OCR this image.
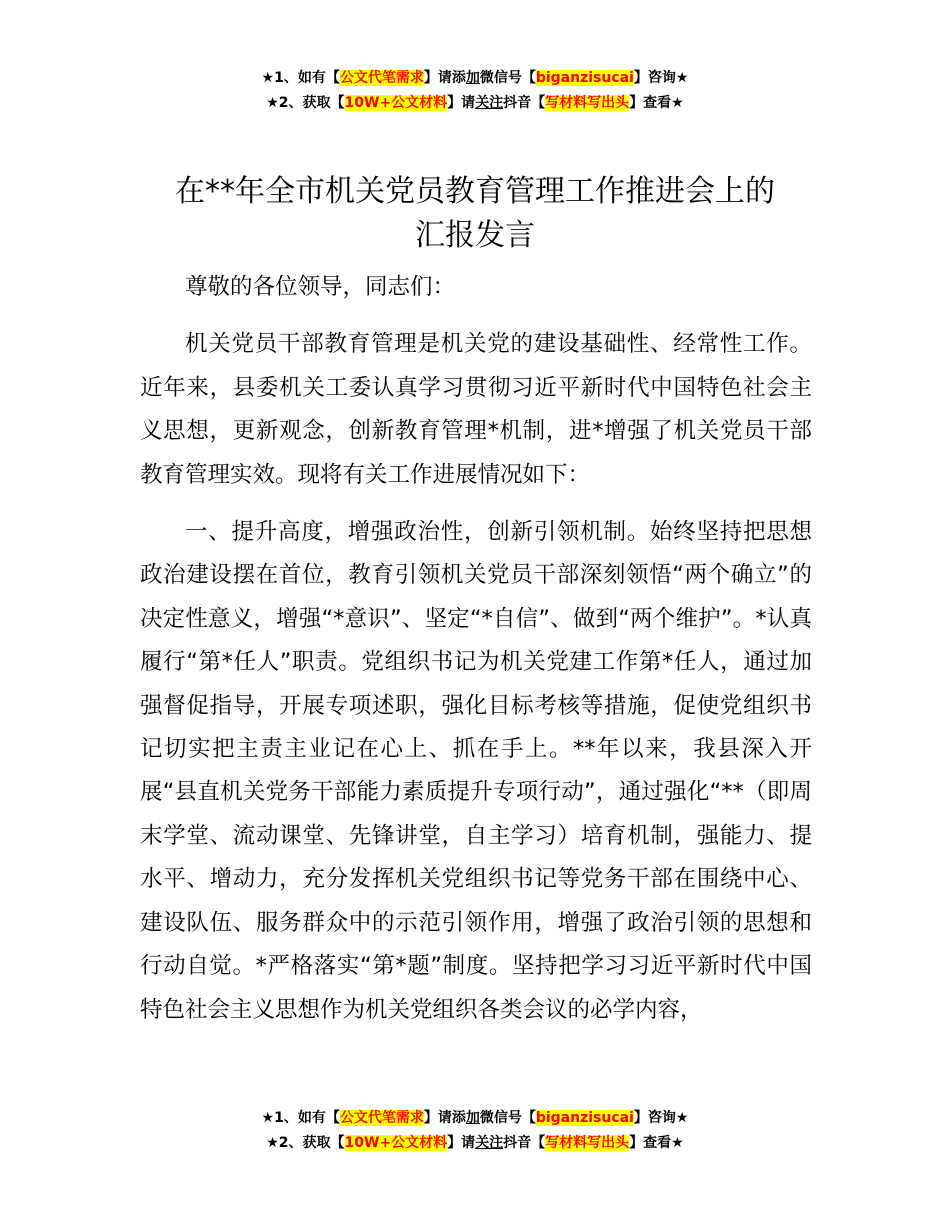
★1、如有【公文代笔需求】请添加微信号【biganzisucai】咨询★
★2、获取【10W+公文材料】请关注抖音【写材料写出头】查看★
在**年全市机关党员教育管理工作推进会上的
汇报发言

尊敬的各位领导，同志们：

机关党员干部教育管理是机关党的建设基础性、经常性工作。近年来，县委机关工委认真学习贯彻习近平新时代中国特色社会主义思想，更新观念，创新教育管理*机制，进*增强了机关党员干部教育管理实效。现将有关工作进展情况如下：

一、提升高度，增强政治性，创新引领机制。始终坚持把思想政治建设摆在首位，教育引领机关党员干部深刻领悟“两个确立”的决定性意义，增强“*意识”、坚定“*自信”、做到“两个维护”。*认真履行“第*任人”职责。党组织书记为机关党建工作第*任人，通过加强督促指导，开展专项述职，强化目标考核等措施，促使党组织书记切实把主责主业记在心上、抓在手上。**年以来，我县深入开展“县直机关党务干部能力素质提升专项行动”，通过强化“**（即周末学堂、流动课堂、先锋讲堂，自主学习）培育机制，强能力、提水平、增动力，充分发挥机关党组织书记等党务干部在围绕中心、建设队伍、服务群众中的示范引领作用，增强了政治引领的思想和行动自觉。*严格落实“第*题”制度。坚持把学习习近平新时代中国特色社会主义思想作为机关党组织各类会议的必学内容，

★1、如有【公文代笔需求】请添加微信号【biganzisucai】咨询★
★2、获取【10W+公文材料】请关注抖音【写材料写出头】查看★
